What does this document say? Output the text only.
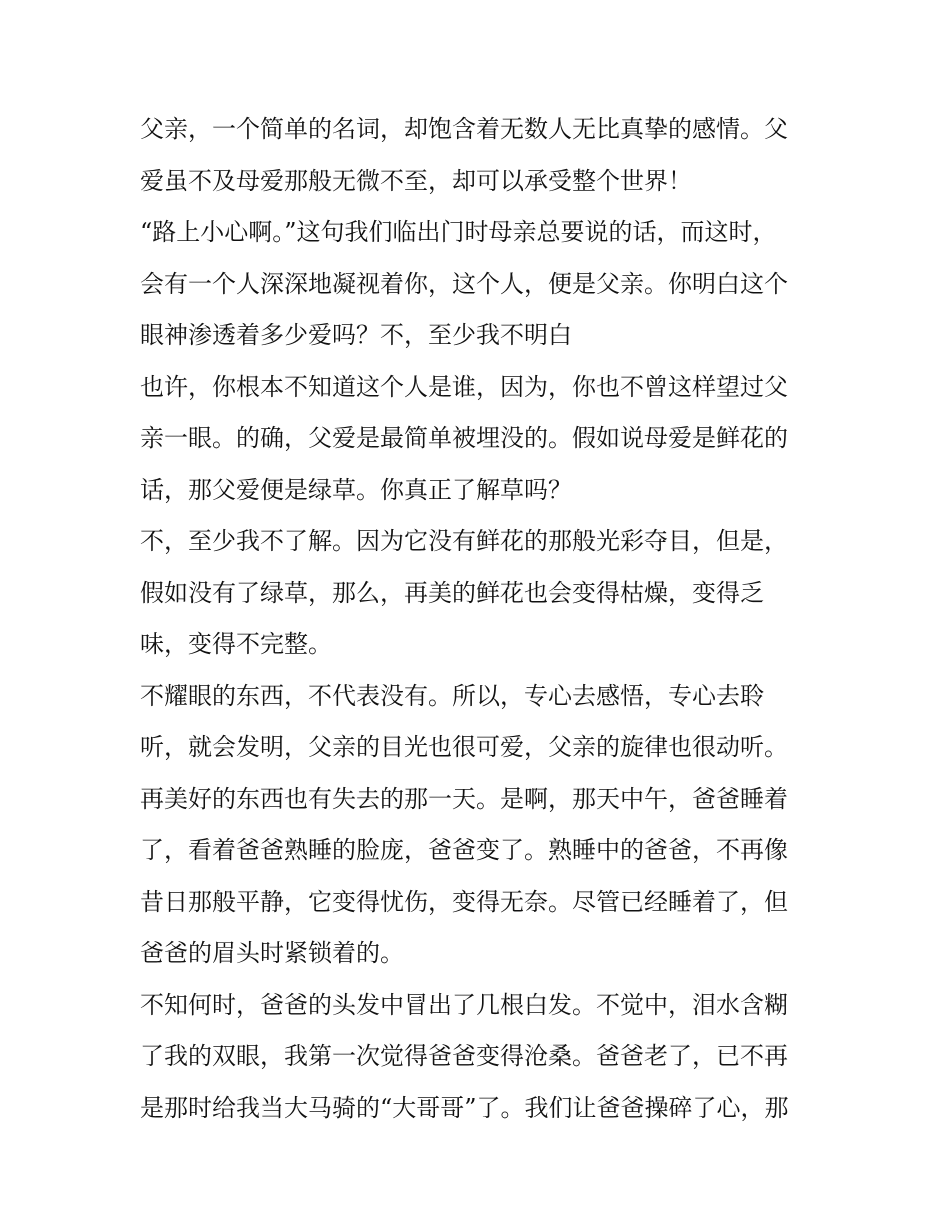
父亲，一个简单的名词，却饱含着无数人无比真挚的感情。父
爱虽不及母爱那般无微不至，却可以承受整个世界！
“路上小心啊。”这句我们临出门时母亲总要说的话，而这时，
会有一个人深深地凝视着你，这个人，便是父亲。你明白这个
眼神渗透着多少爱吗？不，至少我不明白
也许，你根本不知道这个人是谁，因为，你也不曾这样望过父
亲一眼。的确，父爱是最简单被埋没的。假如说母爱是鲜花的
话，那父爱便是绿草。你真正了解草吗？
不，至少我不了解。因为它没有鲜花的那般光彩夺目，但是，
假如没有了绿草，那么，再美的鲜花也会变得枯燥，变得乏
味，变得不完整。
不耀眼的东西，不代表没有。所以，专心去感悟，专心去聆
听，就会发明，父亲的目光也很可爱，父亲的旋律也很动听。
再美好的东西也有失去的那一天。是啊，那天中午，爸爸睡着
了，看着爸爸熟睡的脸庞，爸爸变了。熟睡中的爸爸，不再像
昔日那般平静，它变得忧伤，变得无奈。尽管已经睡着了，但
爸爸的眉头时紧锁着的。
不知何时，爸爸的头发中冒出了几根白发。不觉中，泪水含糊
了我的双眼，我第一次觉得爸爸变得沧桑。爸爸老了，已不再
是那时给我当大马骑的“大哥哥”了。我们让爸爸操碎了心，那
